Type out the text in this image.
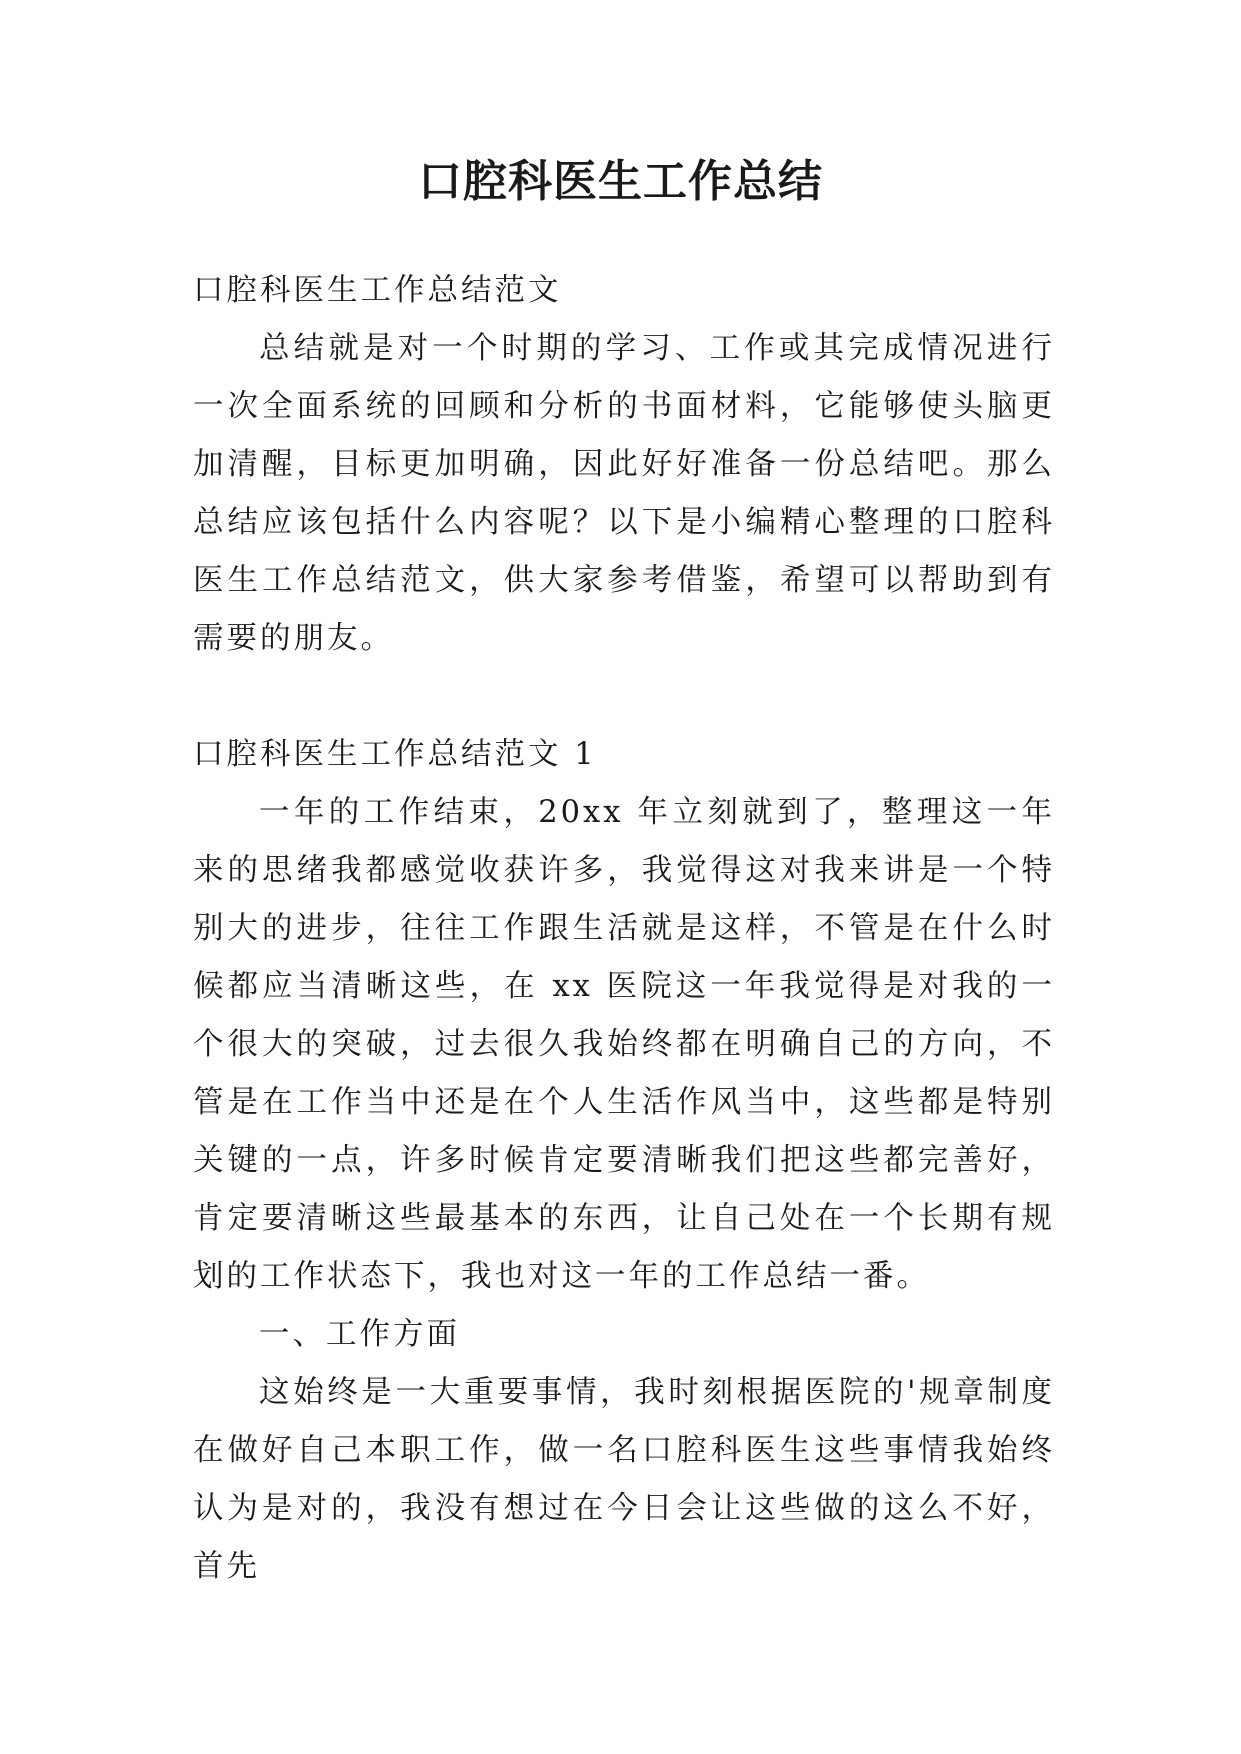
口腔科医生工作总结
口腔科医生工作总结范文

总结就是对一个时期的学习、工作或其完成情况进行一次全面系统的回顾和分析的书面材料，它能够使头脑更加清醒，目标更加明确，因此好好准备一份总结吧。那么总结应该包括什么内容呢？以下是小编精心整理的口腔科医生工作总结范文，供大家参考借鉴，希望可以帮助到有需要的朋友。

口腔科医生工作总结范文 1

一年的工作结束，20xx 年立刻就到了，整理这一年来的思绪我都感觉收获许多，我觉得这对我来讲是一个特别大的进步，往往工作跟生活就是这样，不管是在什么时候都应当清晰这些，在 xx 医院这一年我觉得是对我的一个很大的突破，过去很久我始终都在明确自己的方向，不管是在工作当中还是在个人生活作风当中，这些都是特别关键的一点，许多时候肯定要清晰我们把这些都完善好，肯定要清晰这些最基本的东西，让自己处在一个长期有规划的工作状态下，我也对这一年的工作总结一番。

一、工作方面

这始终是一大重要事情，我时刻根据医院的'规章制度在做好自己本职工作，做一名口腔科医生这些事情我始终认为是对的，我没有想过在今日会让这些做的这么不好，首先
